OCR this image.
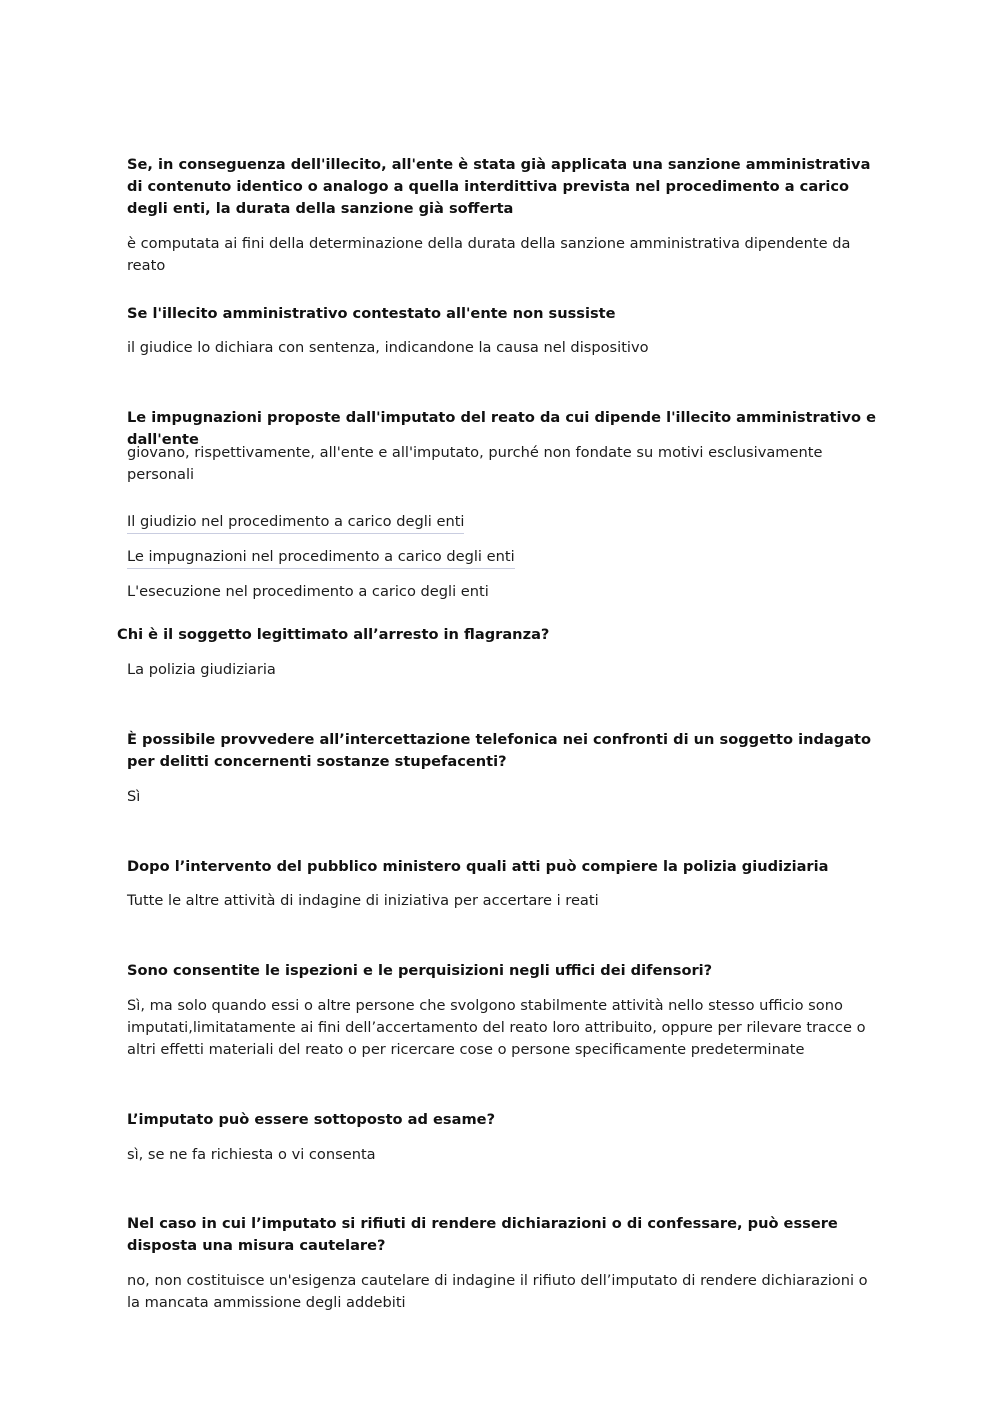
Se, in conseguenza dell'illecito, all'ente è stata già applicata una sanzione amministrativa di contenuto identico o analogo a quella interdittiva prevista nel procedimento a carico degli enti, la durata della sanzione già sofferta

è computata ai fini della determinazione della durata della sanzione amministrativa dipendente da reato

Se l'illecito amministrativo contestato all'ente non sussiste

il giudice lo dichiara con sentenza, indicandone la causa nel dispositivo

Le impugnazioni proposte dall'imputato del reato da cui dipende l'illecito amministrativo e dall'ente

giovano, rispettivamente, all'ente e all'imputato, purché non fondate su motivi esclusivamente personali

Il giudizio nel procedimento a carico degli enti
Le impugnazioni nel procedimento a carico degli enti
L'esecuzione nel procedimento a carico degli enti

Chi è il soggetto legittimato all’arresto in flagranza?

La polizia giudiziaria

È possibile provvedere all’intercettazione telefonica nei confronti di un soggetto indagato per delitti concernenti sostanze stupefacenti?

Sì

Dopo l’intervento del pubblico ministero quali atti può compiere la polizia giudiziaria

Tutte le altre attività di indagine di iniziativa per accertare i reati

Sono consentite le ispezioni e le perquisizioni negli uffici dei difensori?

Sì, ma solo quando essi o altre persone che svolgono stabilmente attività nello stesso ufficio sono imputati,limitatamente ai fini dell’accertamento del reato loro attribuito, oppure per rilevare tracce o altri effetti materiali del reato o per ricercare cose o persone specificamente predeterminate

L’imputato può essere sottoposto ad esame?

sì, se ne fa richiesta o vi consenta

Nel caso in cui l’imputato si rifiuti di rendere dichiarazioni o di confessare, può essere disposta una misura cautelare?

no, non costituisce un'esigenza cautelare di indagine il rifiuto dell’imputato di rendere dichiarazioni o la mancata ammissione degli addebiti
